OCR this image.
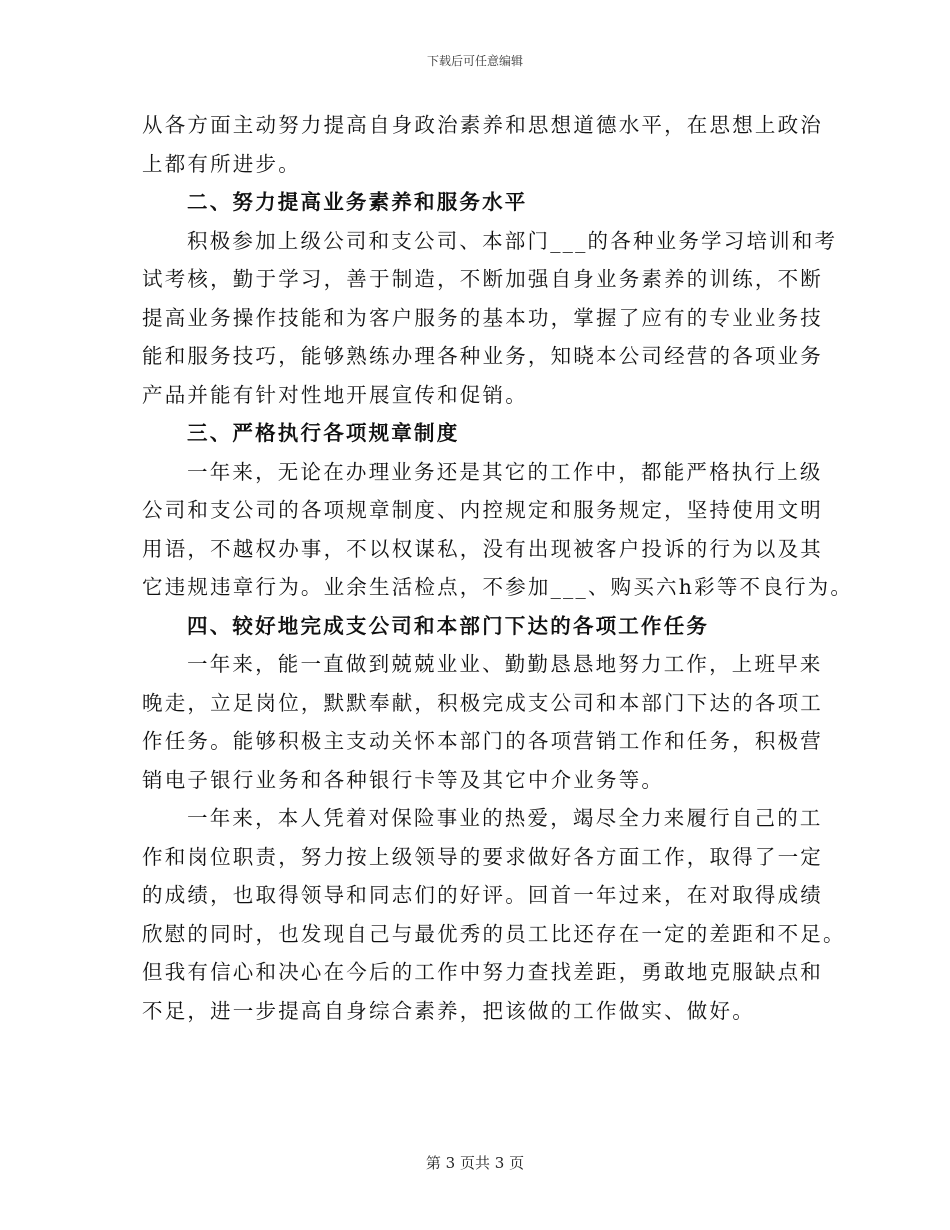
下载后可任意编辑
从各方面主动努力提高自身政治素养和思想道德水平，在思想上政治
上都有所进步。
二、努力提高业务素养和服务水平
积极参加上级公司和支公司、本部门___的各种业务学习培训和考
试考核，勤于学习，善于制造，不断加强自身业务素养的训练，不断
提高业务操作技能和为客户服务的基本功，掌握了应有的专业业务技
能和服务技巧，能够熟练办理各种业务，知晓本公司经营的各项业务
产品并能有针对性地开展宣传和促销。
三、严格执行各项规章制度
一年来，无论在办理业务还是其它的工作中，都能严格执行上级
公司和支公司的各项规章制度、内控规定和服务规定，坚持使用文明
用语，不越权办事，不以权谋私，没有出现被客户投诉的行为以及其
它违规违章行为。业余生活检点，不参加___、购买六h彩等不良行为。
四、较好地完成支公司和本部门下达的各项工作任务
一年来，能一直做到兢兢业业、勤勤恳恳地努力工作，上班早来
晚走，立足岗位，默默奉献，积极完成支公司和本部门下达的各项工
作任务。能够积极主支动关怀本部门的各项营销工作和任务，积极营
销电子银行业务和各种银行卡等及其它中介业务等。
一年来，本人凭着对保险事业的热爱，竭尽全力来履行自己的工
作和岗位职责，努力按上级领导的要求做好各方面工作，取得了一定
的成绩，也取得领导和同志们的好评。回首一年过来，在对取得成绩
欣慰的同时，也发现自己与最优秀的员工比还存在一定的差距和不足。
但我有信心和决心在今后的工作中努力查找差距，勇敢地克服缺点和
不足，进一步提高自身综合素养，把该做的工作做实、做好。
第 3 页共 3 页
